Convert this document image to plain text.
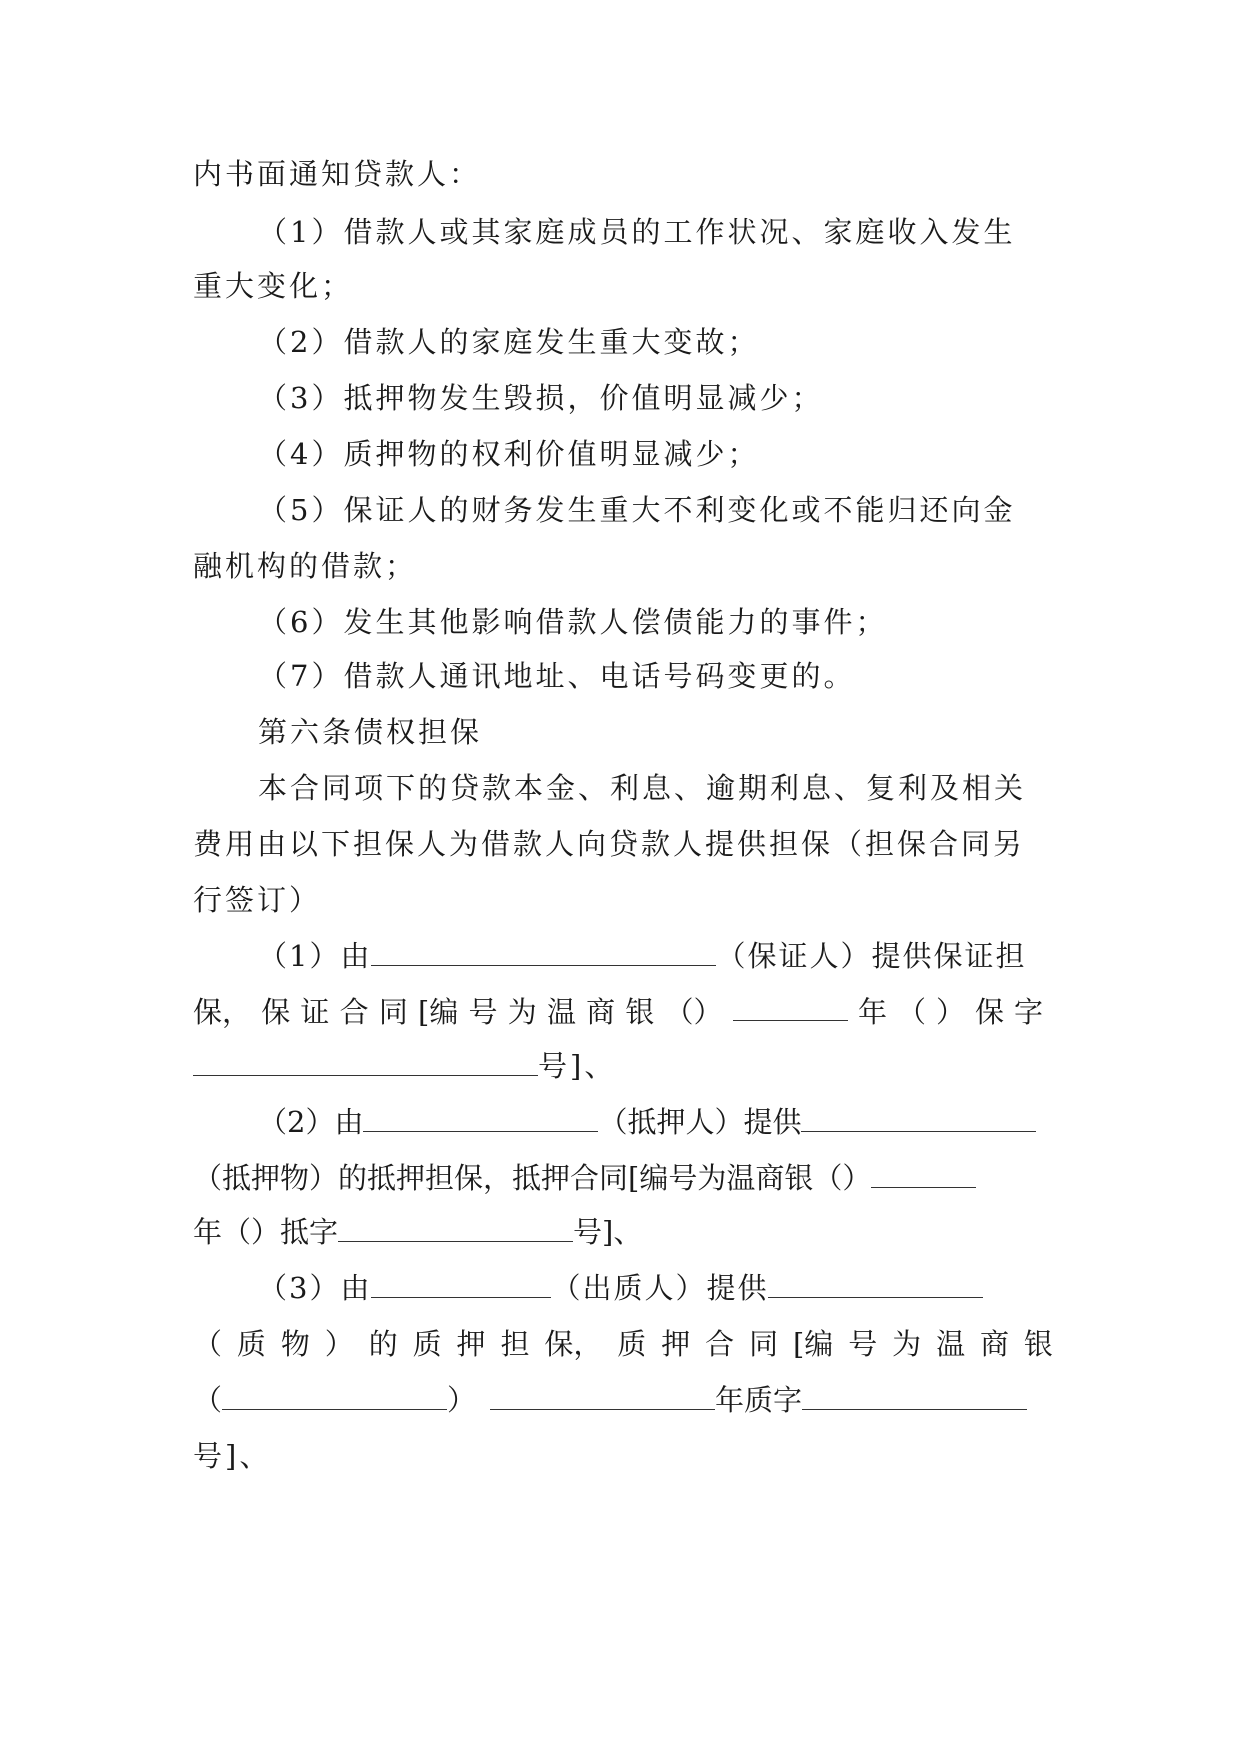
内书面通知贷款人：
（1）借款人或其家庭成员的工作状况、家庭收入发生
重大变化；
（2）借款人的家庭发生重大变故；
（3）抵押物发生毁损，价值明显减少；
（4）质押物的权利价值明显减少；
（5）保证人的财务发生重大不利变化或不能归还向金
融机构的借款；
（6）发生其他影响借款人偿债能力的事件；
（7）借款人通讯地址、电话号码变更的。
第六条债权担保
本合同项下的贷款本金、利息、逾期利息、复利及相关
费用由以下担保人为借款人向贷款人提供担保（担保合同另
行签订）
（1）由	（保证人）提供保证担
保， 保 证 合 同 [编 号 为 温 商 银 （）	年（）保字
号]、
（2）由	（抵押人）提供
（抵押物）的抵押担保，抵押合同[编号为温商银（）
年（）抵字	号]、
（3）由	（出质人）提供
（ 质 物 ） 的 质 押 担 保， 质 押 合 同 [编 号 为 温 商 银
（	）	年质字
号]、
